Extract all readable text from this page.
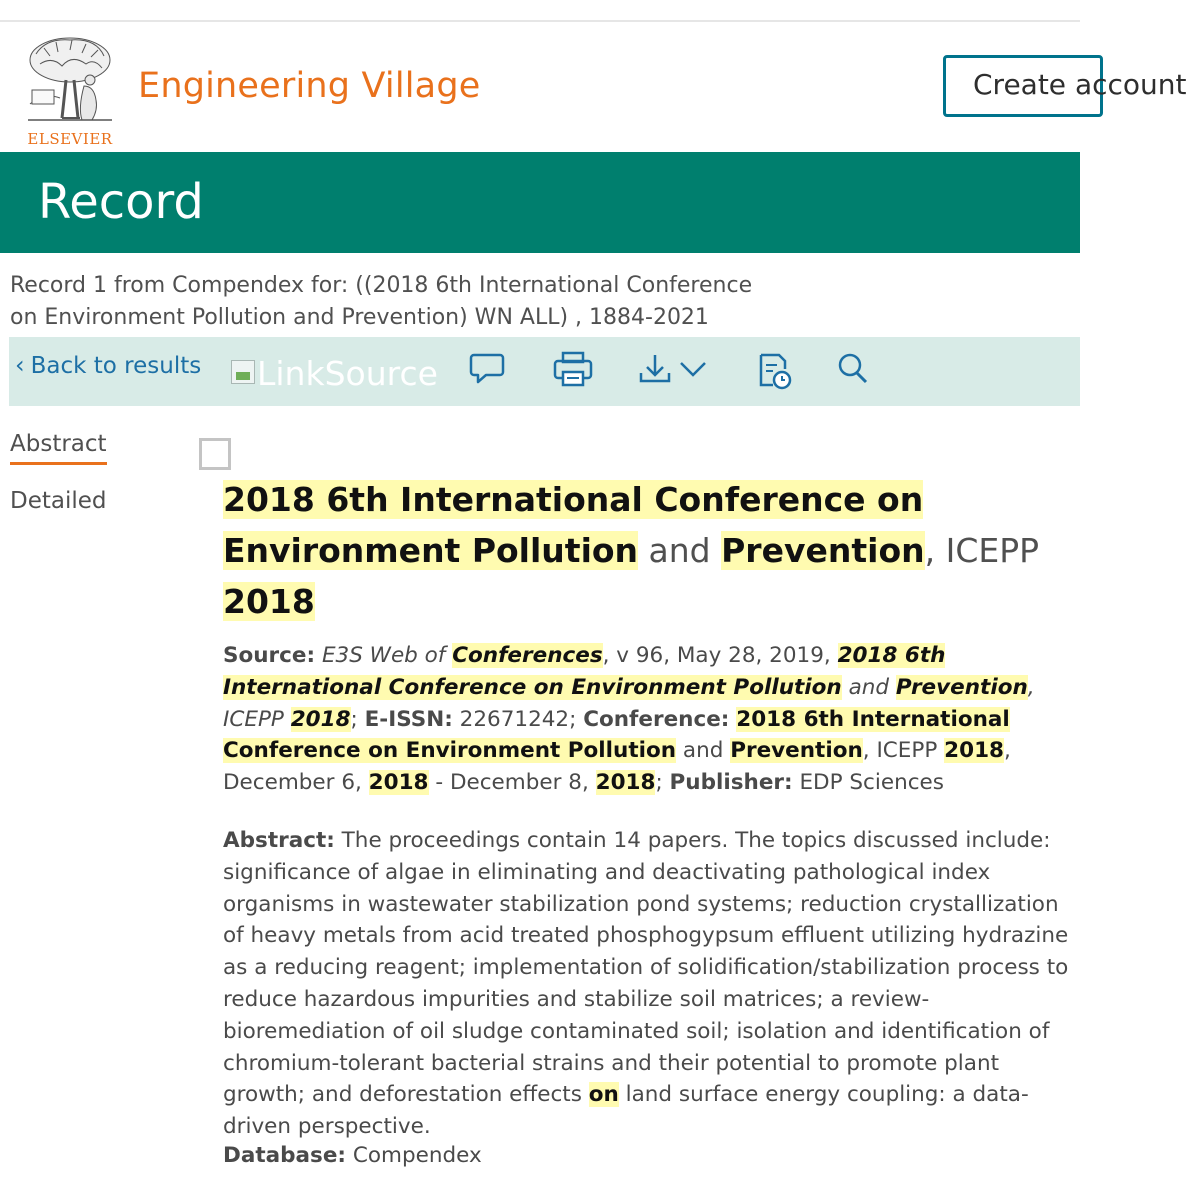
ELSEVIER
Engineering Village	Create account
Record
Record 1 from Compendex for: ((2018 6th International Conference on Environment Pollution and Prevention) WN ALL) , 1884-2021
‹ Back to results	LinkSource
Abstract
Detailed	2018 6th International Conference on Environment Pollution and Prevention, ICEPP 2018
Source: E3S Web of Conferences, v 96, May 28, 2019, 2018 6th International Conference on Environment Pollution and Prevention, ICEPP 2018; E-ISSN: 22671242; Conference: 2018 6th International Conference on Environment Pollution and Prevention, ICEPP 2018, December 6, 2018 - December 8, 2018; Publisher: EDP Sciences
Abstract: The proceedings contain 14 papers. The topics discussed include: significance of algae in eliminating and deactivating pathological index organisms in wastewater stabilization pond systems; reduction crystallization of heavy metals from acid treated phosphogypsum effluent utilizing hydrazine as a reducing reagent; implementation of solidification/stabilization process to reduce hazardous impurities and stabilize soil matrices; a review- bioremediation of oil sludge contaminated soil; isolation and identification of chromium-tolerant bacterial strains and their potential to promote plant growth; and deforestation effects on land surface energy coupling: a data-driven perspective.
Database: Compendex
